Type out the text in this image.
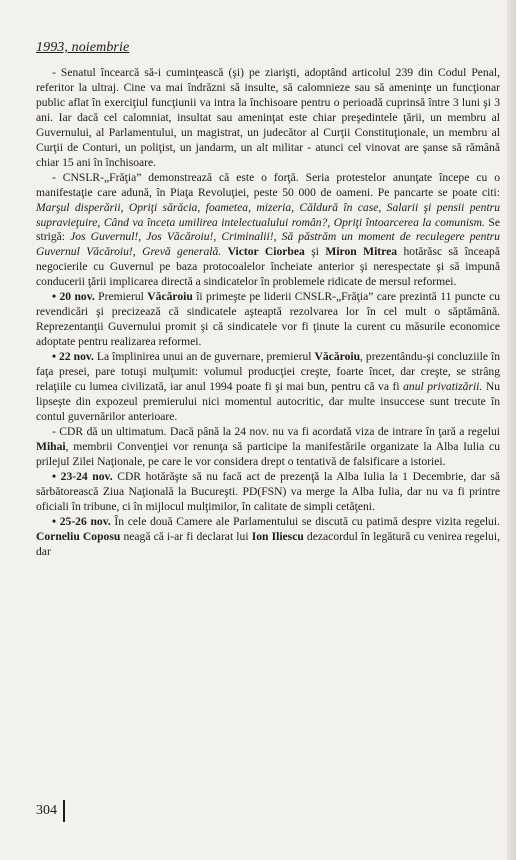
1993, noiembrie

- Senatul încearcă să-i cuminţească (şi) pe ziarişti, adoptând articolul 239 din Codul Penal, referitor la ultraj. Cine va mai îndrăzni să insulte, să calomnieze sau să ameninţe un funcţionar public aflat în exerciţiul funcţiunii va intra la închisoare pentru o perioadă cuprinsă între 3 luni şi 3 ani. Iar dacă cel calomniat, insultat sau ameninţat este chiar preşedintele ţării, un membru al Guvernului, al Parlamentului, un magistrat, un judecător al Curţii Constituţionale, un membru al Curţii de Conturi, un poliţist, un jandarm, un alt militar - atunci cel vinovat are şanse să rămână chiar 15 ani în închisoare.

- CNSLR-„Frăţia” demonstrează că este o forţă. Seria protestelor anunţate începe cu o manifestaţie care adună, în Piaţa Revoluţiei, peste 50 000 de oameni. Pe pancarte se poate citi: Marşul disperării, Opriţi sărăcia, foametea, mizeria, Căldură în case, Salarii şi pensii pentru supravieţuire, Când va înceta umilirea intelectualului român?, Opriţi întoarcerea la comunism. Se strigă: Jos Guvernul!, Jos Văcăroiu!, Criminalii!, Să păstrăm un moment de reculegere pentru Guvernul Văcăroiu!, Grevă generală. Victor Ciorbea şi Miron Mitrea hotărăsc să înceapă negocierile cu Guvernul pe baza protocoalelor încheiate anterior şi nerespectate şi să impună conducerii ţării implicarea directă a sindicatelor în problemele ridicate de mersul reformei.

• 20 nov. Premierul Văcăroiu îi primeşte pe liderii CNSLR-„Frăţia” care prezintă 11 puncte cu revendicări şi precizează că sindicatele aşteaptă rezolvarea lor în cel mult o săptămână. Reprezentanţii Guvernului promit şi că sindicatele vor fi ţinute la curent cu măsurile economice adoptate pentru realizarea reformei.

• 22 nov. La împlinirea unui an de guvernare, premierul Văcăroiu, prezentându-şi concluziile în faţa presei, pare totuşi mulţumit: volumul producţiei creşte, foarte încet, dar creşte, se strâng relaţiile cu lumea civilizată, iar anul 1994 poate fi şi mai bun, pentru că va fi anul privatizării. Nu lipseşte din expozeul premierului nici momentul autocritic, dar multe insuccese sunt trecute în contul guvernărilor anterioare.

- CDR dă un ultimatum. Dacă până la 24 nov. nu va fi acordată viza de intrare în ţară a regelui Mihai, membrii Convenţiei vor renunţa să participe la manifestările organizate la Alba Iulia cu prilejul Zilei Naţionale, pe care le vor considera drept o tentativă de falsificare a istoriei.

• 23-24 nov. CDR hotărăşte să nu facă act de prezenţă la Alba Iulia la 1 Decembrie, dar să sărbătorească Ziua Naţională la Bucureşti. PD(FSN) va merge la Alba Iulia, dar nu va fi printre oficiali în tribune, ci în mijlocul mulţimilor, în calitate de simpli cetăţeni.

• 25-26 nov. În cele două Camere ale Parlamentului se discută cu patimă despre vizita regelui. Corneliu Coposu neagă că i-ar fi declarat lui Ion Iliescu dezacordul în legătură cu venirea regelui, dar

304
